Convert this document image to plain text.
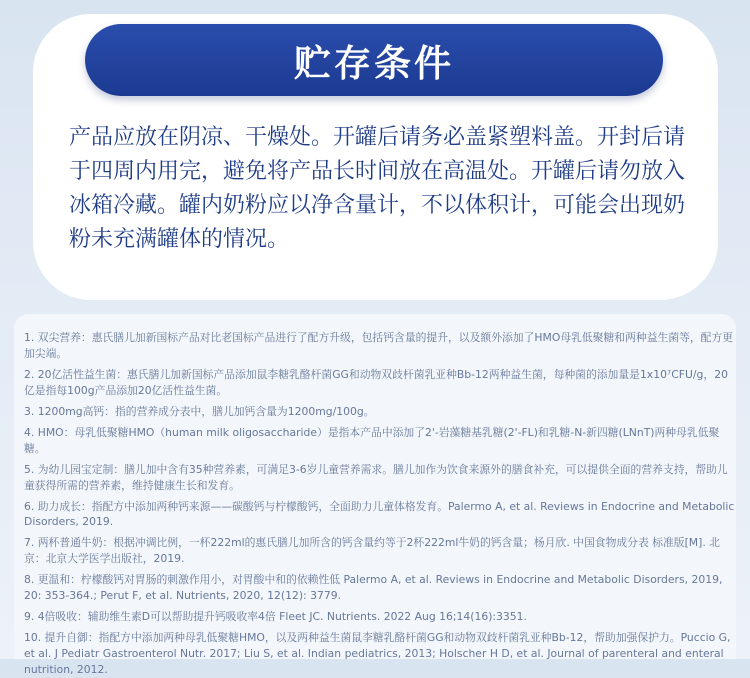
贮存条件

产品应放在阴凉、干燥处。开罐后请务必盖紧塑料盖。开封后请于四周内用完，避免将产品长时间放在高温处。开罐后请勿放入冰箱冷藏。罐内奶粉应以净含量计，不以体积计，可能会出现奶粉未充满罐体的情况。

1. 双尖营养：惠氏膳儿加新国标产品对比老国标产品进行了配方升级，包括钙含量的提升，以及额外添加了HMO母乳低聚糖和两种益生菌等，配方更加尖端。
2. 20亿活性益生菌：惠氏膳儿加新国标产品添加鼠李糖乳酪杆菌GG和动物双歧杆菌乳亚种Bb-12两种益生菌，每种菌的添加量是1x10⁷CFU/g，20亿是指每100g产品添加20亿活性益生菌。
3. 1200mg高钙：指的营养成分表中，膳儿加钙含量为1200mg/100g。
4. HMO：母乳低聚糖HMO（human milk oligosaccharide）是指本产品中添加了2'-岩藻糖基乳糖(2'-FL)和乳糖-N-新四糖(LNnT)两种母乳低聚糖。
5. 为幼儿园宝定制：膳儿加中含有35种营养素，可满足3-6岁儿童营养需求。膳儿加作为饮食来源外的膳食补充，可以提供全面的营养支持，帮助儿童获得所需的营养素，维持健康生长和发育。
6. 助力成长：指配方中添加两种钙来源——碳酸钙与柠檬酸钙，全面助力儿童体格发育。Palermo A, et al. Reviews in Endocrine and Metabolic Disorders, 2019.
7. 两杯普通牛奶：根据冲调比例，一杯222ml的惠氏膳儿加所含的钙含量约等于2杯222ml牛奶的钙含量；杨月欣. 中国食物成分表 标准版[M]. 北京：北京大学医学出版社，2019.
8. 更温和：柠檬酸钙对胃肠的刺激作用小，对胃酸中和的依赖性低 Palermo A, et al. Reviews in Endocrine and Metabolic Disorders, 2019, 20: 353-364.; Perut F, et al. Nutrients, 2020, 12(12): 3779.
9. 4倍吸收：辅助维生素D可以帮助提升钙吸收率4倍 Fleet JC. Nutrients. 2022 Aug 16;14(16):3351.
10. 提升自御：指配方中添加两种母乳低聚糖HMO，以及两种益生菌鼠李糖乳酪杆菌GG和动物双歧杆菌乳亚种Bb-12，帮助加强保护力。Puccio G, et al. J Pediatr Gastroenterol Nutr. 2017; Liu S, et al. Indian pediatrics, 2013; Holscher H D, et al. Journal of parenteral and enteral nutrition, 2012.
